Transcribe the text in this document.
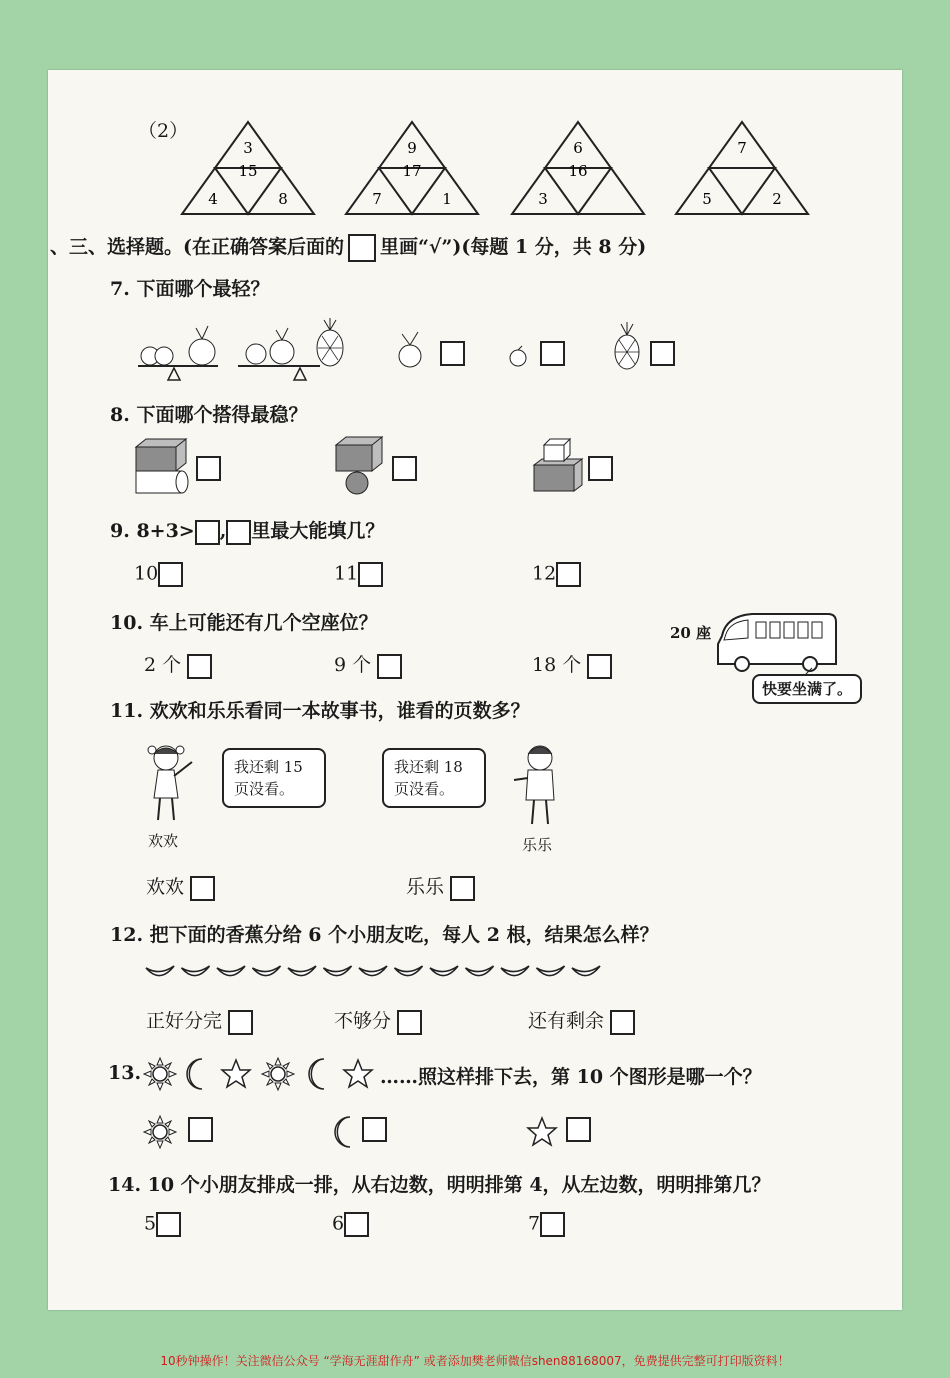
（2）
3
15
4	8
9
17
7	1
6
16
3
7
5	2
、三、选择题。(在正确答案后面的 里画“√”)(每题 1 分，共 8 分)
7. 下面哪个最轻？
8. 下面哪个搭得最稳？
9. 8+3> , 里最大能填几？
10	11	12
10. 车上可能还有几个空座位？
2 个	9 个	18 个
20 座
快要坐满了。
11. 欢欢和乐乐看同一本故事书，谁看的页数多？
我还剩 15 页没看。
欢欢
我还剩 18 页没看。
乐乐
欢欢	乐乐
12. 把下面的香蕉分给 6 个小朋友吃，每人 2 根，结果怎么样？
正好分完	不够分	还有剩余
13.	……照这样排下去，第 10 个图形是哪一个？
14. 10 个小朋友排成一排，从右边数，明明排第 4，从左边数，明明排第几？
5	6	7
10秒钟操作！关注微信公众号 “学海无涯甜作舟” 或者添加樊老师微信shen88168007，免费提供完整可打印版资料！
